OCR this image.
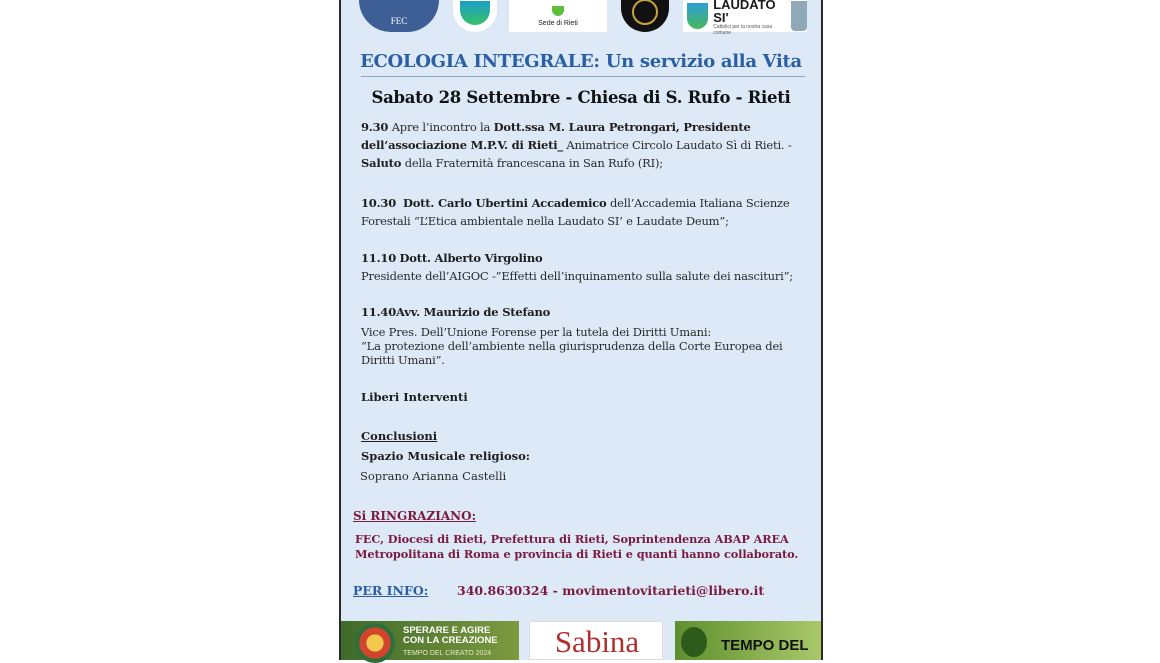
FEC	Sede di Rieti
LAUDATO SI'
Cattolici per la nostra casa comune
ECOLOGIA INTEGRALE: Un servizio alla Vita
Sabato 28 Settembre - Chiesa di S. Rufo - Rieti
9.30 Apre l’incontro la Dott.ssa M. Laura Petrongari, Presidente dell’associazione M.P.V. di Rieti_ Animatrice Circolo Laudato Sì di Rieti. - Saluto della Fraternità francescana in San Rufo (RI);
10.30 Dott. Carlo Ubertini Accademico dell’Accademia Italiana Scienze Forestali “L’Etica ambientale nella Laudato SI’ e Laudate Deum”;
11.10 Dott. Alberto Virgolino
Presidente dell’AIGOC -”Effetti dell’inquinamento sulla salute dei nascituri”;
11.40Avv. Maurizio de Stefano
Vice Pres. Dell’Unione Forense per la tutela dei Diritti Umani:
“La protezione dell’ambiente nella giurisprudenza della Corte Europea dei Diritti Umani”.
Liberi Interventi
Conclusioni
Spazio Musicale religioso:
Soprano Arianna Castelli
Si RINGRAZIANO:
FEC, Diocesi di Rieti, Prefettura di Rieti, Soprintendenza ABAP AREA Metropolitana di Roma e provincia di Rieti e quanti hanno collaborato.
PER INFO: 340.8630324 - movimentovitarieti@libero.it
SPERARE E AGIRE
CON LA CREAZIONE
TEMPO DEL CREATO 2024	Sabina	TEMPO DEL
